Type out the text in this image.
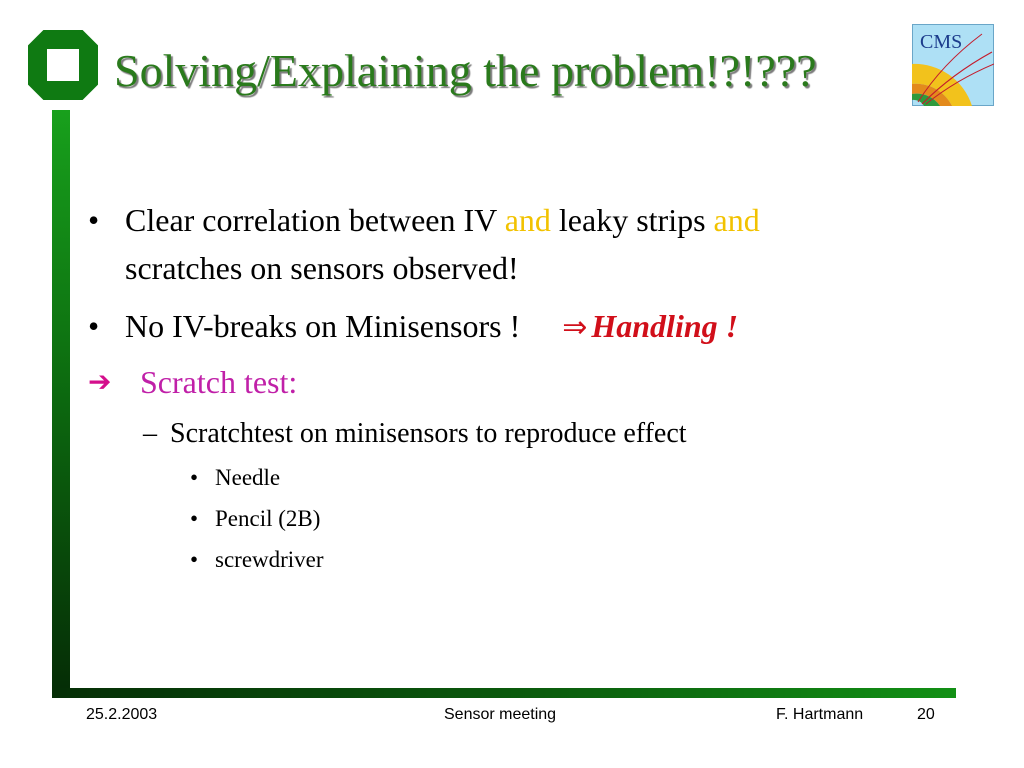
Solving/Explaining the problem!?!???
CMS
• Clear correlation between IV and leaky strips and
scratches on sensors observed!
• No IV-breaks on Minisensors ! ⇒ Handling !
➔ Scratch test:
– Scratchtest on minisensors to reproduce effect
• Needle
• Pencil (2B)
• screwdriver
25.2.2003	Sensor meeting	F. Hartmann	20
